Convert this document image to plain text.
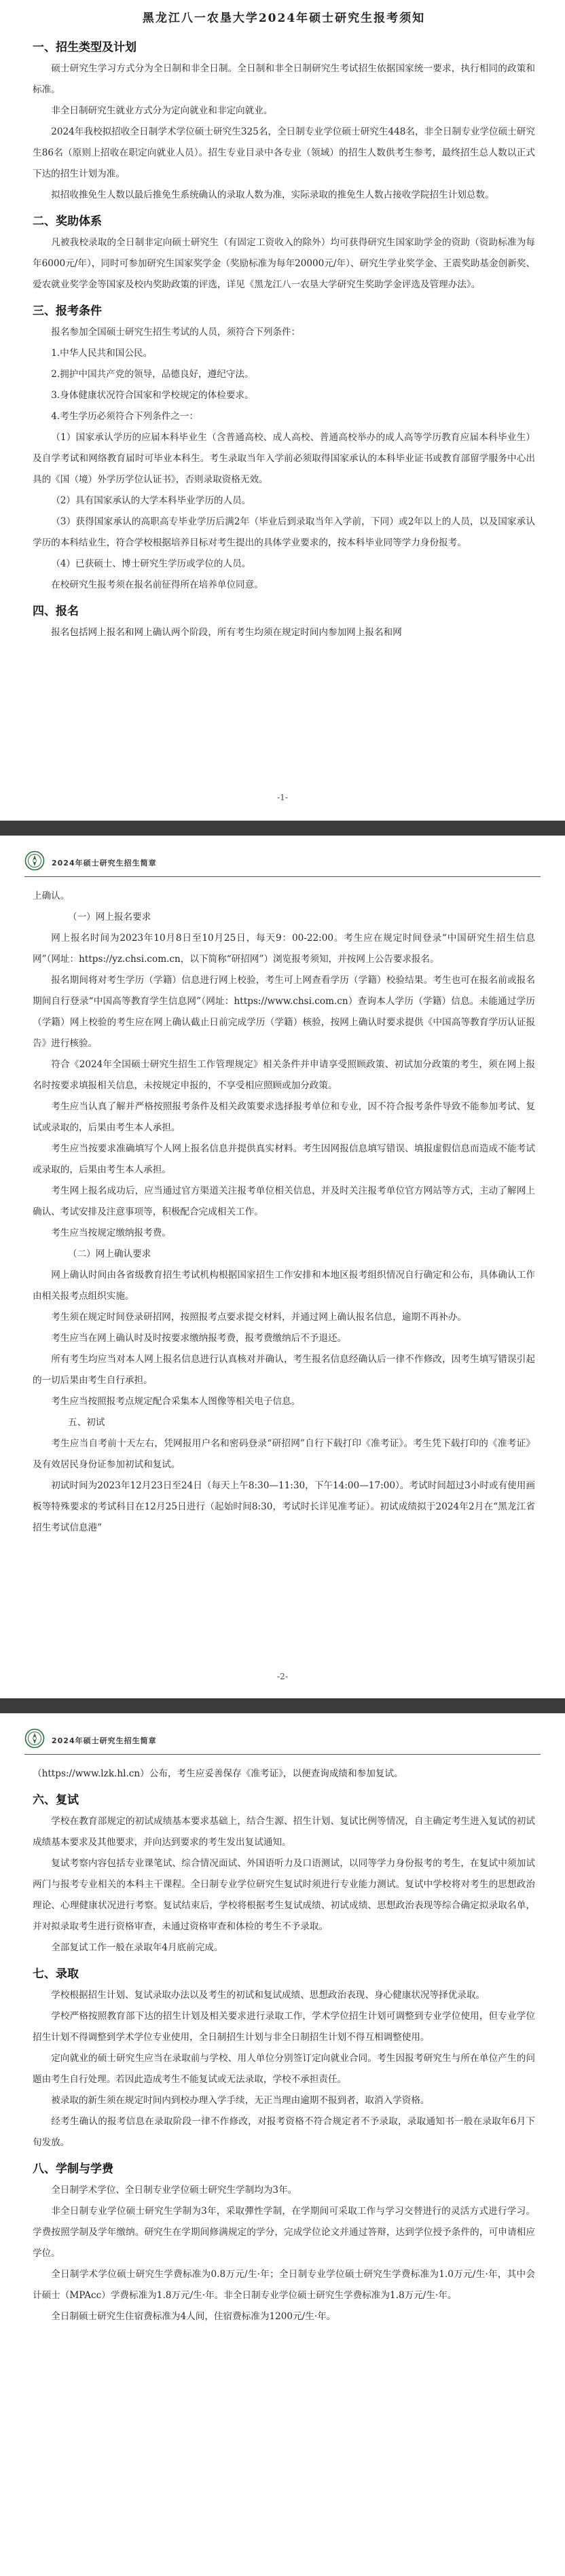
黑龙江八一农垦大学2024年硕士研究生报考须知
一、招生类型及计划

硕士研究生学习方式分为全日制和非全日制。全日制和非全日制研究生考试招生依据国家统一要求，执行相同的政策和标准。

非全日制研究生就业方式分为定向就业和非定向就业。

2024年我校拟招收全日制学术学位硕士研究生325名，全日制专业学位硕士研究生448名，非全日制专业学位硕士研究生86名（原则上招收在职定向就业人员）。招生专业目录中各专业（领域）的招生人数供考生参考，最终招生总人数以正式下达的招生计划为准。

拟招收推免生人数以最后推免生系统确认的录取人数为准，实际录取的推免生人数占接收学院招生计划总数。

二、奖助体系

凡被我校录取的全日制非定向硕士研究生（有固定工资收入的除外）均可获得研究生国家助学金的资助（资助标准为每年6000元/年），同时可参加研究生国家奖学金（奖励标准为每年20000元/年）、研究生学业奖学金、王震奖助基金创新奖、爱农就业奖学金等国家及校内奖助政策的评选，详见《黑龙江八一农垦大学研究生奖助学金评选及管理办法》。

三、报考条件

报名参加全国硕士研究生招生考试的人员，须符合下列条件：

1.中华人民共和国公民。

2.拥护中国共产党的领导，品德良好，遵纪守法。

3.身体健康状况符合国家和学校规定的体检要求。

4.考生学历必须符合下列条件之一：

（1）国家承认学历的应届本科毕业生（含普通高校、成人高校、普通高校举办的成人高等学历教育应届本科毕业生）及自学考试和网络教育届时可毕业本科生。考生录取当年入学前必须取得国家承认的本科毕业证书或教育部留学服务中心出具的《国（境）外学历学位认证书》，否则录取资格无效。

（2）具有国家承认的大学本科毕业学历的人员。

（3）获得国家承认的高职高专毕业学历后满2年（毕业后到录取当年入学前，下同）或2年以上的人员，以及国家承认学历的本科结业生，符合学校根据培养目标对考生提出的具体学业要求的，按本科毕业同等学力身份报考。

（4）已获硕士、博士研究生学历或学位的人员。

在校研究生报考须在报名前征得所在培养单位同意。

四、报名

报名包括网上报名和网上确认两个阶段，所有考生均须在规定时间内参加网上报名和网

-1-
2024年硕士研究生招生简章

上确认。

（一）网上报名要求

网上报名时间为2023年10月8日至10月25日，每天9：00-22:00。考生应在规定时间登录“中国研究生招生信息网”（网址：https://yz.chsi.com.cn，以下简称“研招网”）浏览报考须知，并按网上公告要求报名。

报名期间将对考生学历（学籍）信息进行网上校验，考生可上网查看学历（学籍）校验结果。考生也可在报名前或报名期间自行登录“中国高等教育学生信息网”（网址：https://www.chsi.com.cn）查询本人学历（学籍）信息。未能通过学历（学籍）网上校验的考生应在网上确认截止日前完成学历（学籍）核验，按网上确认时要求提供《中国高等教育学历认证报告》进行核验。

符合《2024年全国硕士研究生招生工作管理规定》相关条件并申请享受照顾政策、初试加分政策的考生，须在网上报名时按要求填报相关信息，未按规定申报的，不享受相应照顾或加分政策。

考生应当认真了解并严格按照报考条件及相关政策要求选择报考单位和专业，因不符合报考条件导致不能参加考试、复试或录取的，后果由考生本人承担。

考生应当按要求准确填写个人网上报名信息并提供真实材料。考生因网报信息填写错误、填报虚假信息而造成不能考试或录取的，后果由考生本人承担。

考生网上报名成功后，应当通过官方渠道关注报考单位相关信息，并及时关注报考单位官方网站等方式，主动了解网上确认、考试安排及注意事项等，积极配合完成相关工作。

考生应当按规定缴纳报考费。

（二）网上确认要求

网上确认时间由各省级教育招生考试机构根据国家招生工作安排和本地区报考组织情况自行确定和公布，具体确认工作由相关报考点组织实施。

考生须在规定时间登录研招网，按照报考点要求提交材料，并通过网上确认报名信息，逾期不再补办。

考生应当在网上确认时及时按要求缴纳报考费，报考费缴纳后不予退还。

所有考生均应当对本人网上报名信息进行认真核对并确认，考生报名信息经确认后一律不作修改，因考生填写错误引起的一切后果由考生自行承担。

考生应当按照报考点规定配合采集本人图像等相关电子信息。

五、初试

考生应当自考前十天左右，凭网报用户名和密码登录“研招网”自行下载打印《准考证》。考生凭下载打印的《准考证》及有效居民身份证参加初试和复试。

初试时间为2023年12月23日至24日（每天上午8:30—11:30，下午14:00—17:00）。考试时间超过3小时或有使用画板等特殊要求的考试科目在12月25日进行（起始时间8:30，考试时长详见准考证）。初试成绩拟于2024年2月在“黑龙江省招生考试信息港”

-2-
2024年硕士研究生招生简章

（https://www.lzk.hl.cn）公布，考生应妥善保存《准考证》，以便查询成绩和参加复试。

六、复试

学校在教育部规定的初试成绩基本要求基础上，结合生源、招生计划、复试比例等情况，自主确定考生进入复试的初试成绩基本要求及其他要求，并向达到要求的考生发出复试通知。

复试考察内容包括专业课笔试、综合情况面试、外国语听力及口语测试，以同等学力身份报考的考生，在复试中须加试两门与报考专业相关的本科主干课程。全日制专业学位研究生复试时须进行专业能力测试。复试中学校将对考生的思想政治理论、心理健康状况进行考察。复试结束后，学校将根据考生复试成绩、初试成绩、思想政治表现等综合确定拟录取名单，并对拟录取考生进行资格审查，未通过资格审查和体检的考生不予录取。

全部复试工作一般在录取年4月底前完成。

七、录取

学校根据招生计划、复试录取办法以及考生的初试和复试成绩、思想政治表现、身心健康状况等择优录取。

学校严格按照教育部下达的招生计划及相关要求进行录取工作，学术学位招生计划可调整到专业学位使用，但专业学位招生计划不得调整到学术学位专业使用，全日制招生计划与非全日制招生计划不得互相调整使用。

定向就业的硕士研究生应当在录取前与学校、用人单位分别签订定向就业合同。考生因报考研究生与所在单位产生的问题由考生自行处理。若因此造成考生不能复试或无法录取，学校不承担责任。

被录取的新生须在规定时间内到校办理入学手续，无正当理由逾期不报到者，取消入学资格。

经考生确认的报考信息在录取阶段一律不作修改，对报考资格不符合规定者不予录取，录取通知书一般在录取年6月下旬发放。

八、学制与学费

全日制学术学位、全日制专业学位硕士研究生学制均为3年。

非全日制专业学位硕士研究生学制为3年，采取彈性学制，在学期间可采取工作与学习交替进行的灵活方式进行学习。学费按照学制及学年缴纳。研究生在学期间修满规定的学分，完成学位论文并通过答辩，达到学位授予条件的，可申请相应学位。

全日制学术学位硕士研究生学费标准为0.8万元/生·年；全日制专业学位硕士研究生学费标准为1.0万元/生·年，其中会计硕士（MPAcc）学费标准为1.8万元/生·年。非全日制专业学位硕士研究生学费标准为1.8万元/生·年。

全日制硕士研究生住宿费标准为4人间，住宿费标准为1200元/生·年。
